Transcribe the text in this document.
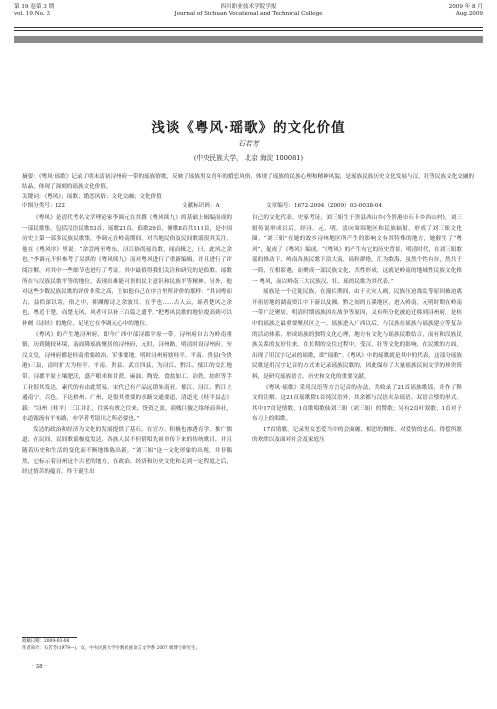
第 19 卷第 3 期
vol. 19 No. 3
四川职业技术学院学报
Journal of Sichuan Vocational and Technical College
2009 年 8 月
Aug.2009
浅谈《粤风·瑶歌》的文化价值
石若芳
(中央民族大学， 北京 海淀 100081)
摘要：《粤风·瑶歌》记录了明末清初浔州府一带的瑶族情歌，反映了瑶族男女青年的婚恋风俗，体现了瑶族的民族心理和精神风貌，是瑶族民族历史文化发展与汉、壮等民族文化交融的结晶，体现了深刻的瑶族文化价值。
关键词：《粤风》；瑶歌；婚恋风俗；文化交融；文化价值
中图分类号：I22	文献标识码：A	文章编号：1672-2094（2009）03-0038-04

《粤风》是清代考名文学理论家李调元在其撰《粤风续九》的基础上辑编而成的一部民歌集，包括汉语民歌53首，瑶歌21首，俍歌29首，僮歌8首共111首，是中国历史上第一部多民族民歌集。李调元在岭南期间，对当地民俗及民间歌谣很其关注，他在《粤风序》里说：“余尝两至粤东，浔江俗尚瑶岛歌，闻而辑之，曰，此风之余也。”李调元不但参考了吴淇的《粤风续九》而对粤风进行了重新编辑，并且进行了评阅注解，对其中一些细节也进行了考证。其中最值得我们关注和研究的是俍歌、瑶歌所在与汉族民歌平等的地位，表现出难能可贵的民主意识和民族平等精神。另外，他对这些少数民族民歌的评价非常之高，王如他自己在序言里所评价的那样：“其词粤而古，益恰深以寄，俗之中，抑渊醇诗之余波耳。在乎也……古人云，瑶者楚风之余也，粤近于楚，而楚无风，风者可以补三百篇之遗乎。”把粤风民歌的地位提高到可以补阙《诗经》的地位，足见它在李调元心中的地位。

《粤风》的产生地浔州府，即今广西中部浔郡平原一带。浔州府自古为岭南重镇，历到随较环境，南面隆瑶族聚居的浔州府，元时，浔州路，明清时设浔州府。至汉文皇，浔州府都是桂南重要政治、军事要地。明时浔州府辖桂平、平南、贵县(今贵港)三县，清时扩大为桂平、平南、贵县、武宣四县，为浔江、黔江、郁江的交汇地带。浔郡平原土壤肥沃，盛产粮米和甘蔗、麻油、陶瓷、食盐加工、冶铁、纺织等手工业很其发达，素代的有由此贸易，宋代已有产品远销朱南亚。郁江、浔江、黔江上通南宁、百色，下达梧州、广州，是很其重要的水路交通要道，清道光《桂平县志》载：“浔州（桂平）三江并汇，往客有贾之往来，货资之盈，商贱巨舰之络绎而奔社，水道源流有平布路，亦学者考镜川之所必要也。”

发达的政治和经济为文化的发展提供了基石，在官方、积极也渗透育学。推广儒道；在民间，民间歌谣极度发达，各族人民不但借唱先祖章传下来的传统歌目，并且随着历史和生活的变化而不断地推陈出新。“刘三姐”这一文化形象的出现，并非偶然，它标示着浔州这个古老的地方，在政治、经济和历史文化和走到一定程度之后，经过情苦的蕴育，终于诞生出

自己的文化代表。史家考证，刘三姐生于贵县西山乡(今贵港市石卡乡西山村)，刘三姐传说形成以后，经浔、元、明，清向周围地区和民族辐射，形成了刘三姐文化圈。“刘三姐”在她的故乡浔州地区所产生的影响文有其特殊的地方，她催生了“粤风”，促成了《粤风》编成。“《粤风》的产生有它的历史背景，明清时代，在刘三姐歌谣的推动下，岭南各族民歌下浪大南，瑶粒群艳，汇为歌海，虽然个性有存，然共于一简，互相影遇，而聚成一部民族文化，共性形成，这就是岭南的地域性民族文化格 一 粤风，而以岭南三大民族汉、壮、瑶的民歌为其代表。”

瑶族是一个迁徙民族，在漫长期间，由于天灾人祸，民族压迫战乱等原因被迫离开祖居地的湖南资江中下游以及湘、黔之间的五溪地区，进入岭南，元明时期在岭南一带广泛聚居，明清时期瑶族因在战争等原因，又有所分化被迫迁移到浔州府，是桂中的瑶族之最重要聚居区之一。瑶族进入广西以后，与汉族在瑶族与瑶族建立等复杂的活动体系，形成瑶族的独特文化心理，地方有文化与瑶族民歌结合，而有和汉族民族关系的友好往来。在长期的交往过程中，受汉、壮等文化的影响，在民歌的方面，出现了用汉字记录的瑶歌，即“瑶歌”。《粤风》中的瑶歌就是其中的代表，这部分瑶族民歌是用汉字记音的方式来记录瑶族民歌的，因此保存了大量瑶族民间文学的珍贵资料，是研究瑶族语言、历史和文化的重要文献。

《粤风·瑶歌》采用汉语等方言记音的办法，共收录了21首瑶族歌谣，并作了释文的注解。这21首瑶歌除1首纯汉语外，其余都与汉语夹杂瑶语、双语合璧的形式。其中17首是情歌，1首歌唱歌仙刘三姐（刘三姐）的赞歌；另有2首叶叙歌；1首对子布刀上的唱歌。

17首情歌，记录男女恋爱当中的会面缠、相思的惆怅、对爱情的忠贞、得偿所愿的欢欣以及面对社会及家庭压

收稿日期：2009-03-08
作者简介：石若芳(1979—)，女，中央民族大学少数民族语言文学系 2007 级博士研究生。
· 38 ·
